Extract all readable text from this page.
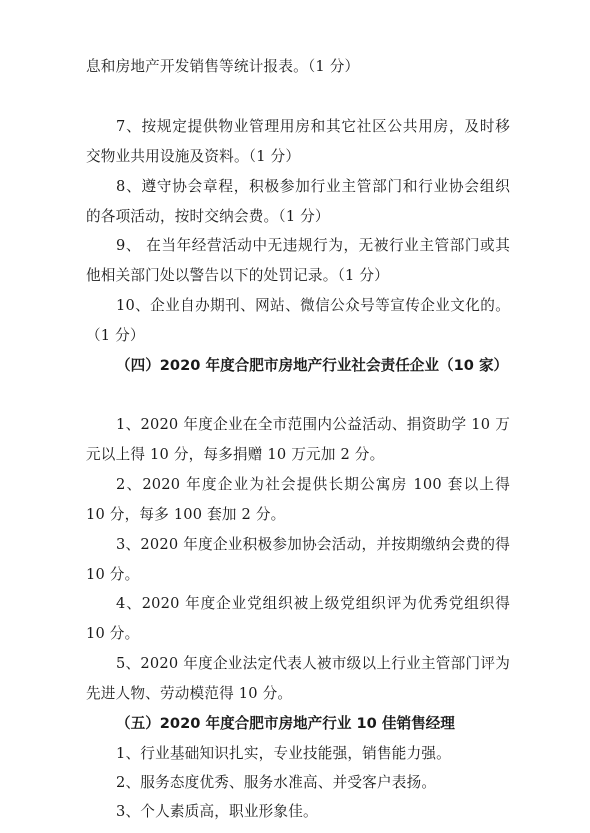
息和房地产开发销售等统计报表。（1 分）

7、按规定提供物业管理用房和其它社区公共用房，及时移交物业共用设施及资料。（1 分）

8、遵守协会章程，积极参加行业主管部门和行业协会组织的各项活动，按时交纳会费。（1 分）

9、 在当年经营活动中无违规行为，无被行业主管部门或其他相关部门处以警告以下的处罚记录。（1 分）

10、企业自办期刊、网站、微信公众号等宣传企业文化的。（1 分）

（四）2020 年度合肥市房地产行业社会责任企业（10 家）

1、2020 年度企业在全市范围内公益活动、捐资助学 10 万元以上得 10 分，每多捐赠 10 万元加 2 分。

2、2020 年度企业为社会提供长期公寓房 100 套以上得 10 分，每多 100 套加 2 分。

3、2020 年度企业积极参加协会活动，并按期缴纳会费的得 10 分。

4、2020 年度企业党组织被上级党组织评为优秀党组织得 10 分。

5、2020 年度企业法定代表人被市级以上行业主管部门评为先进人物、劳动模范得 10 分。

（五）2020 年度合肥市房地产行业 10 佳销售经理

1、行业基础知识扎实，专业技能强，销售能力强。

2、服务态度优秀、服务水准高、并受客户表扬。

3、个人素质高，职业形象佳。
